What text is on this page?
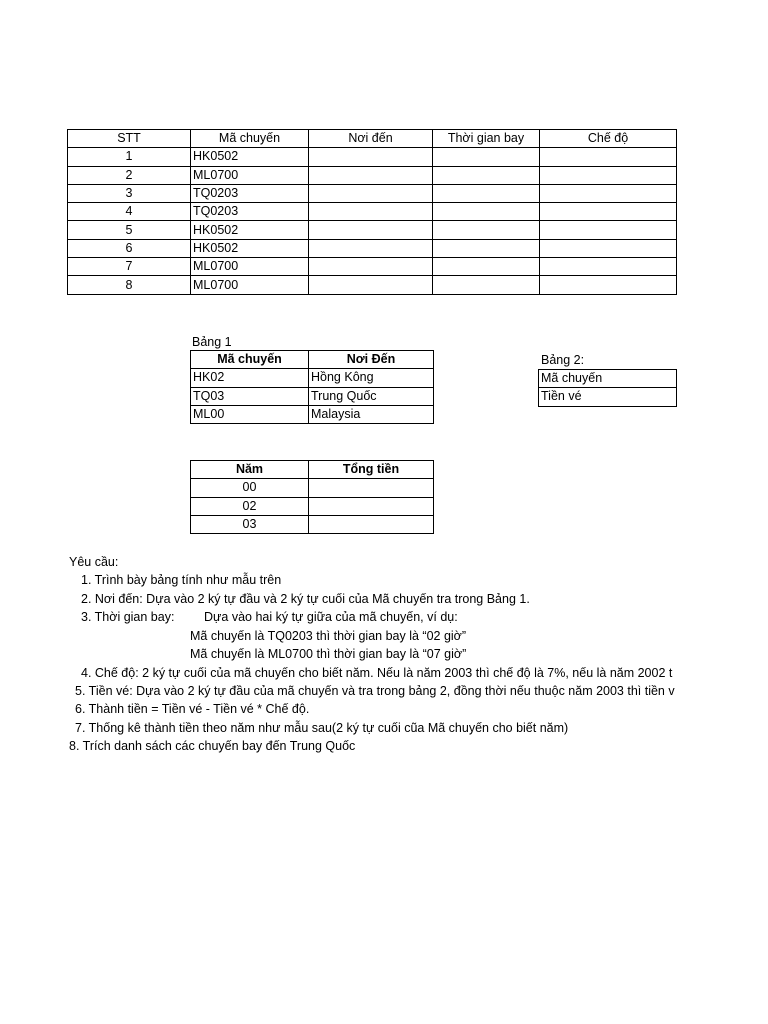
STT	Mã chuyến	Nơi đến	Thời gian bay	Chế độ
1	HK0502			
2	ML0700			
3	TQ0203			
4	TQ0203			
5	HK0502			
6	HK0502			
7	ML0700			
8	ML0700			
Bảng 1
Mã chuyến	Nơi Đến
HK02	Hồng Kông
TQ03	Trung Quốc
ML00	Malaysia
Bảng 2:
Mã chuyến
Tiền vé
Năm	Tổng tiền
00	
02	
03	
Yêu cầu:
1. Trình bày bảng tính như mẫu trên
2. Nơi đến: Dựa vào 2 ký tự đầu và 2 ký tự cuối của Mã chuyến tra trong Bảng 1.
3. Thời gian bay: Dựa vào hai ký tự giữa của mã chuyến, ví dụ:
Mã chuyến là TQ0203 thì thời gian bay là “02 giờ”
Mã chuyến là ML0700 thì thời gian bay là “07 giờ”
4. Chế độ: 2 ký tự cuối của mã chuyến cho biết năm. Nếu là năm 2003 thì chế độ là 7%, nếu là năm 2002 t
5. Tiền vé: Dựa vào 2 ký tự đầu của mã chuyến và tra trong bảng 2, đồng thời nếu thuộc năm 2003 thì tiền v
6. Thành tiền = Tiền vé - Tiền vé * Chế độ.
7. Thống kê thành tiền theo năm như mẫu sau(2 ký tự cuối cũa Mã chuyến cho biết năm)
8. Trích danh sách các chuyến bay đến Trung Quốc
